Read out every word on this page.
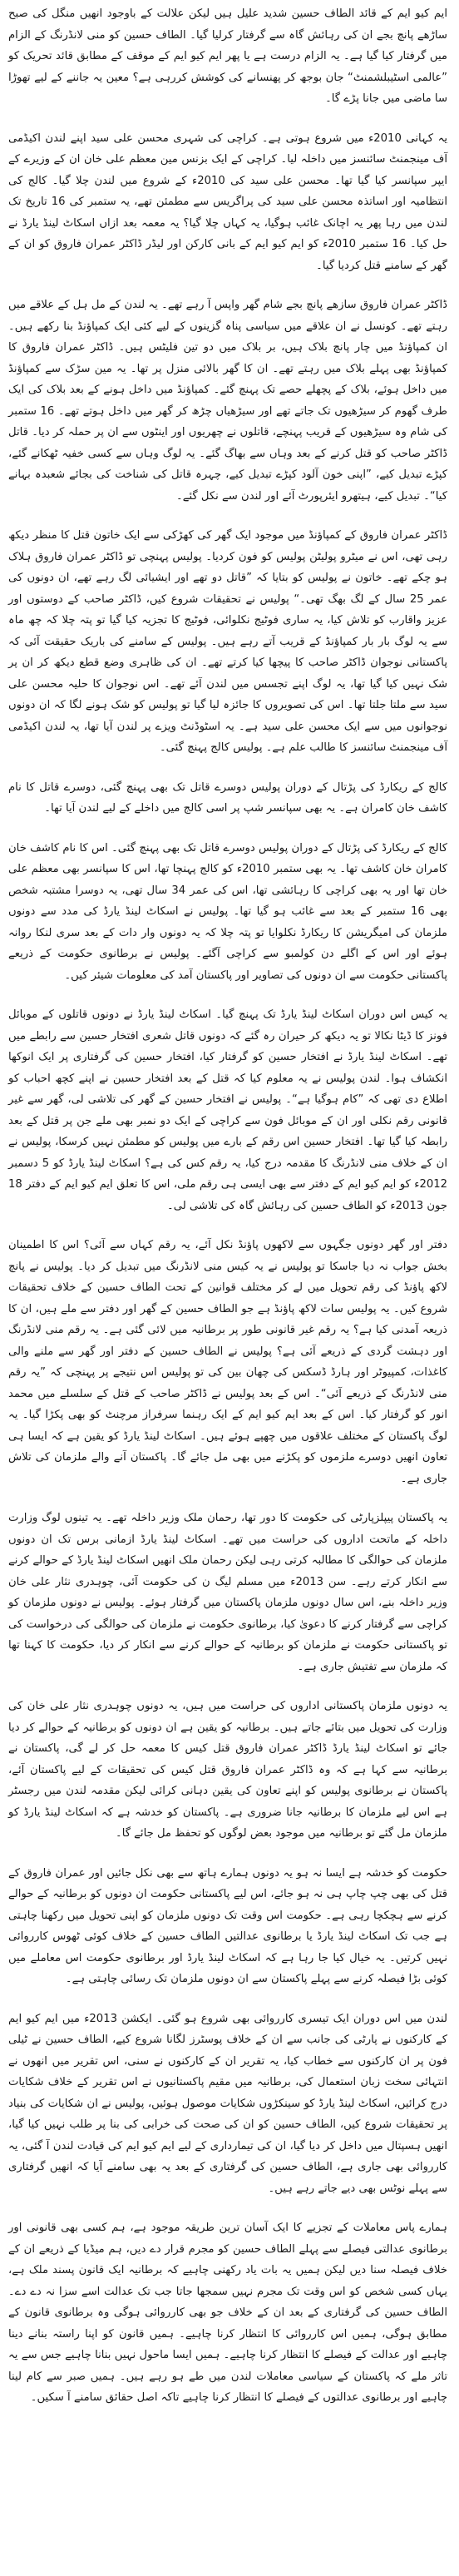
ایم کیو ایم کے قائد الطاف حسین شدید علیل ہیں لیکن علالت کے باوجود انھیں منگل کی صبح ساڑھے پانچ بجے ان کی رہائش گاہ سے گرفتار کرلیا گیا۔ الطاف حسین کو منی لانڈرنگ کے الزام میں گرفتار کیا گیا ہے۔ یہ الزام درست ہے یا پھر ایم کیو ایم کے موقف کے مطابق قائد تحریک کو ”عالمی اسٹیبلشمنٹ“ جان بوجھ کر پھنسانے کی کوشش کررہی ہے؟ معین یہ جاننے کے لیے تھوڑا سا ماضی میں جانا پڑے گا۔

یہ کہانی 2010ء میں شروع ہوتی ہے۔ کراچی کی شہری محسن علی سید اپنے لندن اکیڈمی آف مینجمنٹ سائنسز میں داخلہ لیا۔ کراچی کے ایک بزنس مین معظم علی خان ان کے وزیرے کے ایپر سپانسر کیا گیا تھا۔ محسن علی سید کی 2010ء کے شروع میں لندن چلا گیا۔ کالج کی انتظامیہ اور اساتذہ محسن علی سید کی پراگریس سے مطمئن تھے، یہ ستمبر کی 16 تاریخ تک لندن میں رہا پھر یہ اچانک غائب ہوگیا، یہ کہاں چلا گیا؟ یہ معمہ بعد ازاں اسکاٹ لینڈ یارڈ نے حل کیا۔ 16 ستمبر 2010ء کو ایم کیو ایم کے بانی کارکن اور لیڈر ڈاکٹر عمران فاروق کو ان کے گھر کے سامنے قتل کردیا گیا۔

ڈاکٹر عمران فاروق سازھے پانچ بجے شام گھر واپس آ رہے تھے۔ یہ لندن کے مل ہل کے علاقے میں رہتے تھے۔ کونسل نے ان علاقے میں سیاسی پناہ گزینوں کے لیے کئی ایک کمپاؤنڈ بنا رکھے ہیں۔ ان کمپاؤنڈ میں چار پانچ بلاک ہیں، بر بلاک میں دو تین فلیٹس ہیں۔ ڈاکٹر عمران فاروق کا کمپاؤنڈ بھی پہلے بلاک میں رہتے تھے۔ ان کا گھر بالائی منزل پر تھا۔ یہ مین سڑک سے کمپاؤنڈ میں داخل ہوئے، بلاک کے پچھلے حصے تک پہنچ گئے۔ کمپاؤنڈ میں داخل ہونے کے بعد بلاک کی ایک طرف گھوم کر سیڑھیوں تک جاتے تھے اور سیڑھیاں چڑھ کر گھر میں داخل ہوتے تھے۔ 16 ستمبر کی شام وہ سیڑھیوں کے قریب پہنچے، قاتلوں نے چھریوں اور اینٹوں سے ان پر حملہ کر دیا۔ قاتل ڈاکٹر صاحب کو قتل کرنے کے بعد وہاں سے بھاگ گئے۔ یہ لوگ وہاں سے کسی خفیہ ٹھکانے گئے، کپڑے تبدیل کیے، ”اپنی خون آلود کپڑے تبدیل کیے، چہرہ قاتل کی شناخت کی بجائے شعبدہ بہانے کیا“۔ تبدیل کیے، ہیتھرو ایئرپورٹ آئے اور لندن سے نکل گئے۔

ڈاکٹر عمران فاروق کے کمپاؤنڈ میں موجود ایک گھر کی کھڑکی سے ایک خاتون قتل کا منظر دیکھ رہی تھی، اس نے میٹرو پولیٹن پولیس کو فون کردیا۔ پولیس پہنچی تو ڈاکٹر عمران فاروق ہلاک ہو چکے تھے۔ خاتون نے پولیس کو بتایا کہ ”قاتل دو تھے اور ایشیائی لگ رہے تھے، ان دونوں کی عمر 25 سال کے لگ بھگ تھی۔“ پولیس نے تحقیقات شروع کیں، ڈاکٹر صاحب کے دوستوں اور عزیز واقارب کو تلاش کیا، یہ ساری فوٹیج نکلوائی، فوٹیج کا تجزیہ کیا گیا تو پتہ چلا کہ چھ ماہ سے یہ لوگ بار بار کمپاؤنڈ کے قریب آتے رہے ہیں۔ پولیس کے سامنے کی باریک حقیقت آئی کہ پاکستانی نوجوان ڈاکٹر صاحب کا پیچھا کیا کرتے تھے۔ ان کی ظاہری وضع قطع دیکھ کر ان پر شک نہیں کیا گیا تھا، یہ لوگ اپنے تجسس میں لندن آئے تھے۔ اس نوجوان کا حلیہ محسن علی سید سے ملتا جلتا تھا۔ اس کی تصویروں کا جائزہ لیا گیا تو پولیس کو شک ہونے لگا کہ ان دونوں نوجوانوں میں سے ایک محسن علی سید ہے۔ یہ اسٹوڈنٹ ویزے پر لندن آیا تھا، یہ لندن اکیڈمی آف مینجمنٹ سائنسز کا طالب علم ہے۔ پولیس کالج پہنچ گئی۔

کالج کے ریکارڈ کی پڑتال کے دوران پولیس دوسرے قاتل تک بھی پہنچ گئی، دوسرے قاتل کا نام کاشف خان کامران ہے۔ یہ بھی سپانسر شپ پر اسی کالج میں داخلے کے لیے لندن آیا تھا۔

کالج کے ریکارڈ کی پڑتال کے دوران پولیس دوسرے قاتل تک بھی پہنچ گئی۔ اس کا نام کاشف خان کامران خان کاشف تھا۔ یہ بھی ستمبر 2010ء کو کالج پہنچا تھا، اس کا سپانسر بھی معظم علی خان تھا اور یہ بھی کراچی کا رہائشی تھا، اس کی عمر 34 سال تھی، یہ دوسرا مشتبہ شخص بھی 16 ستمبر کے بعد سے غائب ہو گیا تھا۔ پولیس نے اسکاٹ لینڈ یارڈ کی مدد سے دونوں ملزمان کی امیگریشن کا ریکارڈ نکلوایا تو پتہ چلا کہ یہ دونوں وار دات کے بعد سری لنکا روانہ ہوئے اور اس کے اگلے دن کولمبو سے کراچی آگئے۔ پولیس نے برطانوی حکومت کے ذریعے پاکستانی حکومت سے ان دونوں کی تصاویر اور پاکستان آمد کی معلومات شیئر کیں۔

یہ کیس اس دوران اسکاٹ لینڈ یارڈ تک پہنچ گیا۔ اسکاٹ لینڈ یارڈ نے دونوں قاتلوں کے موبائل فونز کا ڈیٹا نکالا تو یہ دیکھ کر حیران رہ گئے کہ دونوں قاتل شعری افتخار حسین سے رابطے میں تھے۔ اسکاٹ لینڈ یارڈ نے افتخار حسین کو گرفتار کیا، افتخار حسین کی گرفتاری پر ایک انوکھا انکشاف ہوا۔ لندن پولیس نے یہ معلوم کیا کہ قتل کے بعد افتخار حسین نے اپنے کچھ احباب کو اطلاع دی تھی کہ ”کام ہوگیا ہے“۔ پولیس نے افتخار حسین کے گھر کی تلاشی لی، گھر سے غیر قانونی رقم نکلی اور ان کے موبائل فون سے کراچی کے ایک دو نمبر بھی ملے جن پر قتل کے بعد رابطہ کیا گیا تھا۔ افتخار حسین اس رقم کے بارے میں پولیس کو مطمئن نہیں کرسکا، پولیس نے ان کے خلاف منی لانڈرنگ کا مقدمہ درج کیا، یہ رقم کس کی ہے؟ اسکاٹ لینڈ یارڈ کو 5 دسمبر 2012ء کو ایم کیو ایم کے دفتر سے بھی ایسی ہی رقم ملی، اس کا تعلق ایم کیو ایم کے دفتر 18 جون 2013ء کو الطاف حسین کی رہائش گاہ کی تلاشی لی۔

دفتر اور گھر دونوں جگہوں سے لاکھوں پاؤنڈ نکل آئے، یہ رقم کہاں سے آئی؟ اس کا اطمینان بخش جواب نہ دیا جاسکا تو پولیس نے یہ کیس منی لانڈرنگ میں تبدیل کر دیا۔ پولیس نے پانچ لاکھ پاؤنڈ کی رقم تحویل میں لے کر مختلف قوانین کے تحت الطاف حسین کے خلاف تحقیقات شروع کیں۔ یہ پولیس سات لاکھ پاؤنڈ ہے جو الطاف حسین کے گھر اور دفتر سے ملے ہیں، ان کا ذریعہ آمدنی کیا ہے؟ یہ رقم غیر قانونی طور پر برطانیہ میں لائی گئی ہے۔ یہ رقم منی لانڈرنگ اور دہشت گردی کے ذریعے آئی ہے؟ پولیس نے الطاف حسین کے دفتر اور گھر سے ملنے والی کاغذات، کمپیوٹر اور ہارڈ ڈسکس کی چھان بین کی تو پولیس اس نتیجے پر پہنچی کہ ”یہ رقم منی لانڈرنگ کے ذریعے آئی“۔ اس کے بعد پولیس نے ڈاکٹر صاحب کے قتل کے سلسلے میں محمد انور کو گرفتار کیا۔ اس کے بعد ایم کیو ایم کے ایک رہنما سرفراز مرچنٹ کو بھی پکڑا گیا۔ یہ لوگ پاکستان کے مختلف علاقوں میں چھپے ہوئے ہیں۔ اسکاٹ لینڈ یارڈ کو یقین ہے کہ ایسا ہی تعاون انھیں دوسرے ملزموں کو پکڑنے میں بھی مل جائے گا۔ پاکستان آنے والے ملزمان کی تلاش جاری ہے۔

یہ پاکستان پیپلزپارٹی کی حکومت کا دور تھا، رحمان ملک وزیر داخلہ تھے۔ یہ تینوں لوگ وزارت داخلہ کے ماتحت اداروں کی حراست میں تھے۔ اسکاٹ لینڈ یارڈ ازمانی برس تک ان دونوں ملزمان کی حوالگی کا مطالبہ کرتی رہی لیکن رحمان ملک انھیں اسکاٹ لینڈ یارڈ کے حوالے کرنے سے انکار کرتے رہے۔ سن 2013ء میں مسلم لیگ ن کی حکومت آئی، چوہدری نثار علی خان وزیر داخلہ بنے، اس سال دونوں ملزمان پاکستان میں گرفتار ہوئے۔ پولیس نے دونوں ملزمان کو کراچی سے گرفتار کرنے کا دعویٰ کیا، برطانوی حکومت نے ملزمان کی حوالگی کی درخواست کی تو پاکستانی حکومت نے ملزمان کو برطانیہ کے حوالے کرنے سے انکار کر دیا، حکومت کا کہنا تھا کہ ملزمان سے تفتیش جاری ہے۔

یہ دونوں ملزمان پاکستانی اداروں کی حراست میں ہیں، یہ دونوں چوہدری نثار علی خان کی وزارت کی تحویل میں بتائے جاتے ہیں۔ برطانیہ کو یقین ہے ان دونوں کو برطانیہ کے حوالے کر دیا جائے تو اسکاٹ لینڈ یارڈ ڈاکٹر عمران فاروق قتل کیس کا معمہ حل کر لے گی، پاکستان نے برطانیہ سے کہا ہے کہ وہ ڈاکٹر عمران فاروق قتل کیس کی تحقیقات کے لیے پاکستان آئے، پاکستان نے برطانوی پولیس کو اپنے تعاون کی یقین دہانی کرائی لیکن مقدمہ لندن میں رجسٹر ہے اس لیے ملزمان کا برطانیہ جانا ضروری ہے۔ پاکستان کو خدشہ ہے کہ اسکاٹ لینڈ یارڈ کو ملزمان مل گئے تو برطانیہ میں موجود بعض لوگوں کو تحفظ مل جائے گا۔

حکومت کو خدشہ ہے ایسا نہ ہو یہ دونوں ہمارے ہاتھ سے بھی نکل جائیں اور عمران فاروق کے قتل کی بھی چپ چاپ ہی نہ ہو جائے، اس لیے پاکستانی حکومت ان دونوں کو برطانیہ کے حوالے کرنے سے ہچکچا رہی ہے۔ حکومت اس وقت تک دونوں ملزمان کو اپنی تحویل میں رکھنا چاہتی ہے جب تک اسکاٹ لینڈ یارڈ یا برطانوی عدالتیں الطاف حسین کے خلاف کوئی ٹھوس کارروائی نہیں کرتیں۔ یہ خیال کیا جا رہا ہے کہ اسکاٹ لینڈ یارڈ اور برطانوی حکومت اس معاملے میں کوئی بڑا فیصلہ کرنے سے پہلے پاکستان سے ان دونوں ملزمان تک رسائی چاہتی ہے۔

لندن میں اس دوران ایک تیسری کارروائی بھی شروع ہو گئی۔ ایکشن 2013ء میں ایم کیو ایم کے کارکنوں نے پارٹی کی جانب سے ان کے خلاف پوسٹرز لگانا شروع کیے، الطاف حسین نے ٹیلی فون پر ان کارکنوں سے خطاب کیا، یہ تقریر ان کے کارکنوں نے سنی، اس تقریر میں انھوں نے انتہائی سخت زبان استعمال کی، برطانیہ میں مقیم پاکستانیوں نے اس تقریر کے خلاف شکایات درج کرائیں، اسکاٹ لینڈ یارڈ کو سینکڑوں شکایات موصول ہوئیں، پولیس نے ان شکایات کی بنیاد پر تحقیقات شروع کیں، الطاف حسین کو ان کی صحت کی خرابی کی بنا پر طلب نہیں کیا گیا، انھیں ہسپتال میں داخل کر دیا گیا، ان کی تیمارداری کے لیے ایم کیو ایم کی قیادت لندن آ گئی، یہ کارروائی بھی جاری ہے، الطاف حسین کی گرفتاری کے بعد یہ بھی سامنے آیا کہ انھیں گرفتاری سے پہلے نوٹس بھی دیے جاتے رہے ہیں۔

ہمارے پاس معاملات کے تجزیے کا ایک آسان ترین طریقہ موجود ہے، ہم کسی بھی قانونی اور برطانوی عدالتی فیصلے سے پہلے الطاف حسین کو مجرم قرار دے دیں، ہم میڈیا کے ذریعے ان کے خلاف فیصلہ سنا دیں لیکن ہمیں یہ بات یاد رکھنی چاہیے کہ برطانیہ ایک قانون پسند ملک ہے، یہاں کسی شخص کو اس وقت تک مجرم نہیں سمجھا جاتا جب تک عدالت اسے سزا نہ دے دے۔ الطاف حسین کی گرفتاری کے بعد ان کے خلاف جو بھی کارروائی ہوگی وہ برطانوی قانون کے مطابق ہوگی، ہمیں اس کارروائی کا انتظار کرنا چاہیے۔ ہمیں قانون کو اپنا راستہ بنانے دینا چاہیے اور عدالت کے فیصلے کا انتظار کرنا چاہیے۔ ہمیں ایسا ماحول نہیں بنانا چاہیے جس سے یہ تاثر ملے کہ پاکستان کے سیاسی معاملات لندن میں طے ہو رہے ہیں۔ ہمیں صبر سے کام لینا چاہیے اور برطانوی عدالتوں کے فیصلے کا انتظار کرنا چاہیے تاکہ اصل حقائق سامنے آ سکیں۔
